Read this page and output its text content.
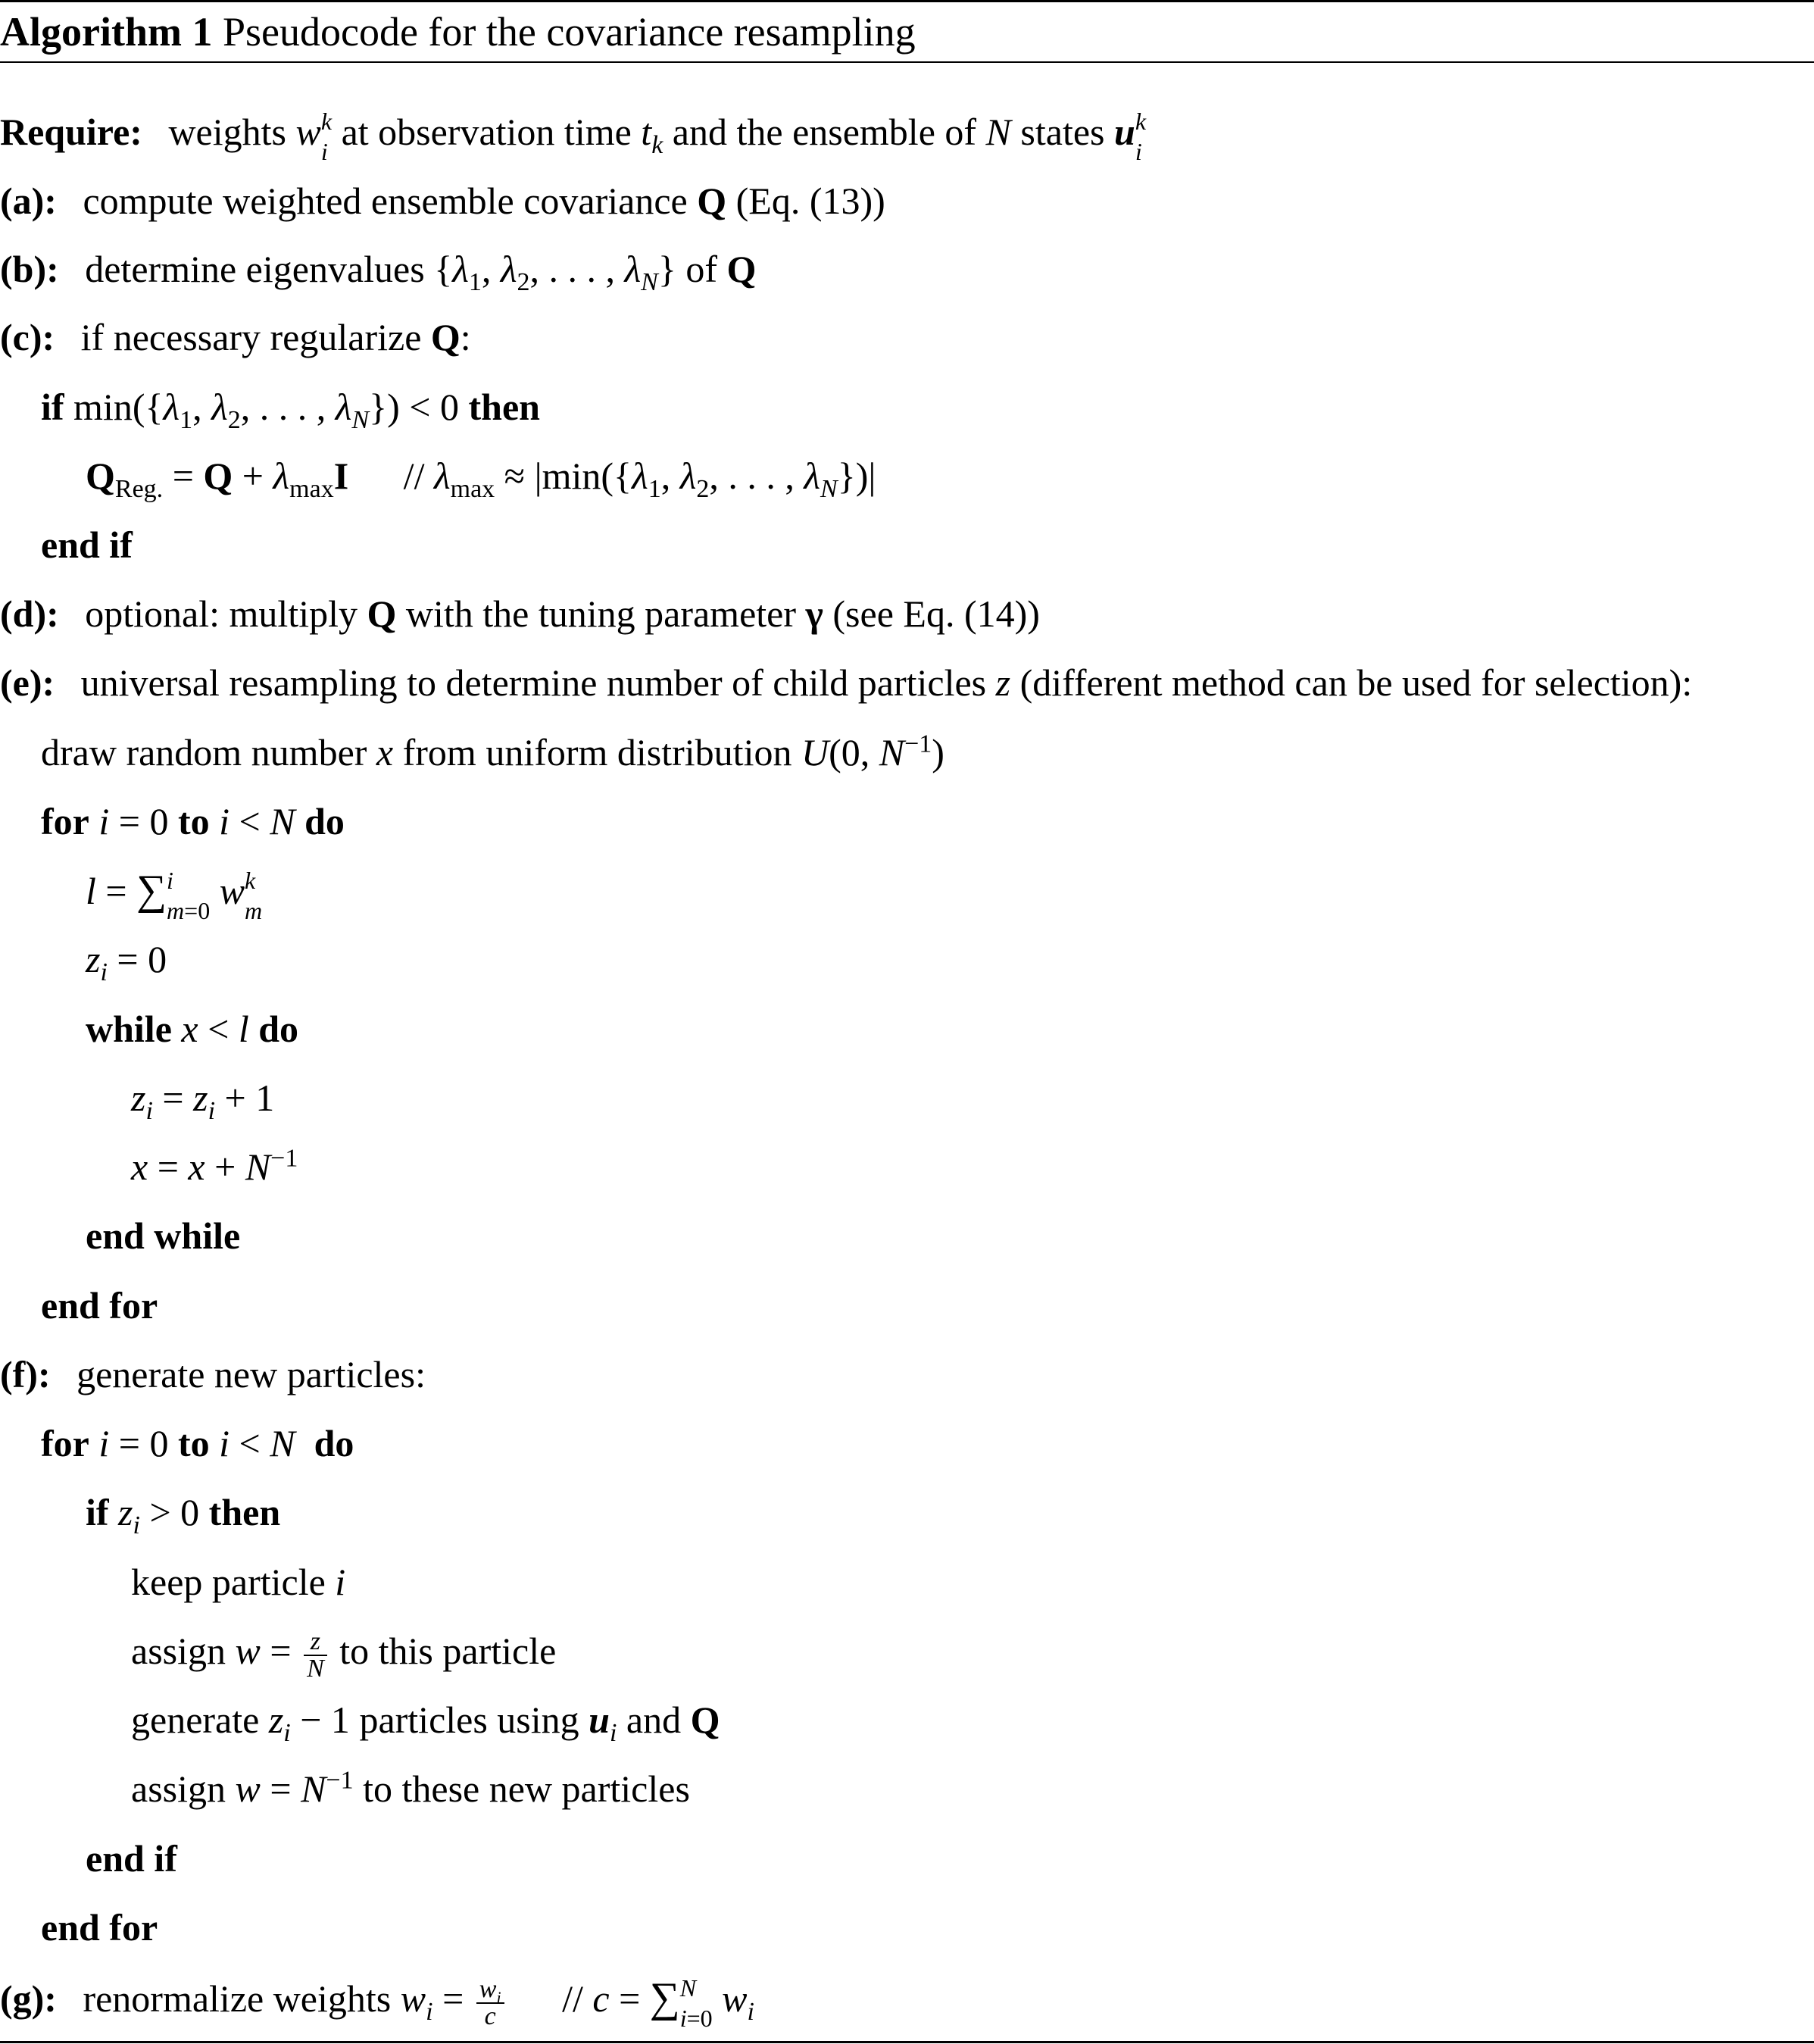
Algorithm 1 Pseudocode for the covariance resampling
Require: weights w k
i at observation time $t_k$ and the ensemble of N states u k
i
(a): compute weighted ensemble covariance Q (Eq. (13))
(b): determine eigenvalues {$\lambda_1$, $\lambda_2$, . . . , $\lambda_N$} of Q
(c): if necessary regularize Q:
if $\min(\{\lambda_1$, $\lambda_2$, . . . , $\lambda_N\}) < 0$ then
$Q_{Reg.} = Q + \lambda_{max}I // \lambda_{max} \approx |\min(\{\lambda_1$, $\lambda_2$, . . . , $\lambda_N\})|$
end if
(d): optional: multiply Q with the tuning parameter γ (see Eq. (14))
(e): universal resampling to determine number of child particles z (different method can be used for selection):
draw random number x from uniform distribution U(0, $N^{-1}$)
for i = 0 to i < N do
l = ∑ i
m=0 w k
m
$z_i = 0$
while x < l do
$z_i = z_i + 1$
$x = x + N^{-1}$
end while
end for
(f): generate new particles:
for i = 0 to i < N do
if $z_i > 0$ then
keep particle i
assign $w = \frac{z}{N}$ to this particle
generate $z_i - 1$ particles using $u_i$ and Q
assign $w = N^{-1}$ to these new particles
end if
end for
(g): renormalize weights $w_i = \frac{w_i}{c} // c$ = ∑ N
i=0 $w_i$
